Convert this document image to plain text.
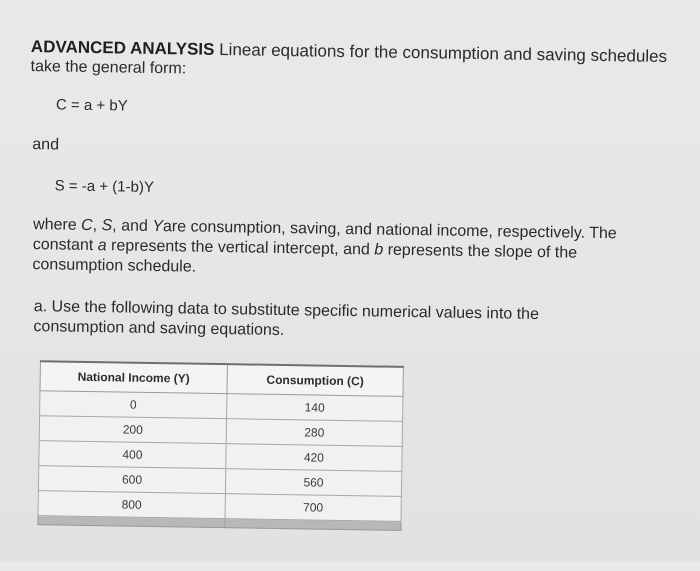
ADVANCED ANALYSIS Linear equations for the consumption and saving schedules
take the general form:
C = a + bY
and
S = -a + (1-b)Y
where C, S, and Yare consumption, saving, and national income, respectively. The
constant a represents the vertical intercept, and b represents the slope of the
consumption schedule.
a. Use the following data to substitute specific numerical values into the
consumption and saving equations.
National Income (Y)	Consumption (C)
0	140
200	280
400	420
600	560
800	700
